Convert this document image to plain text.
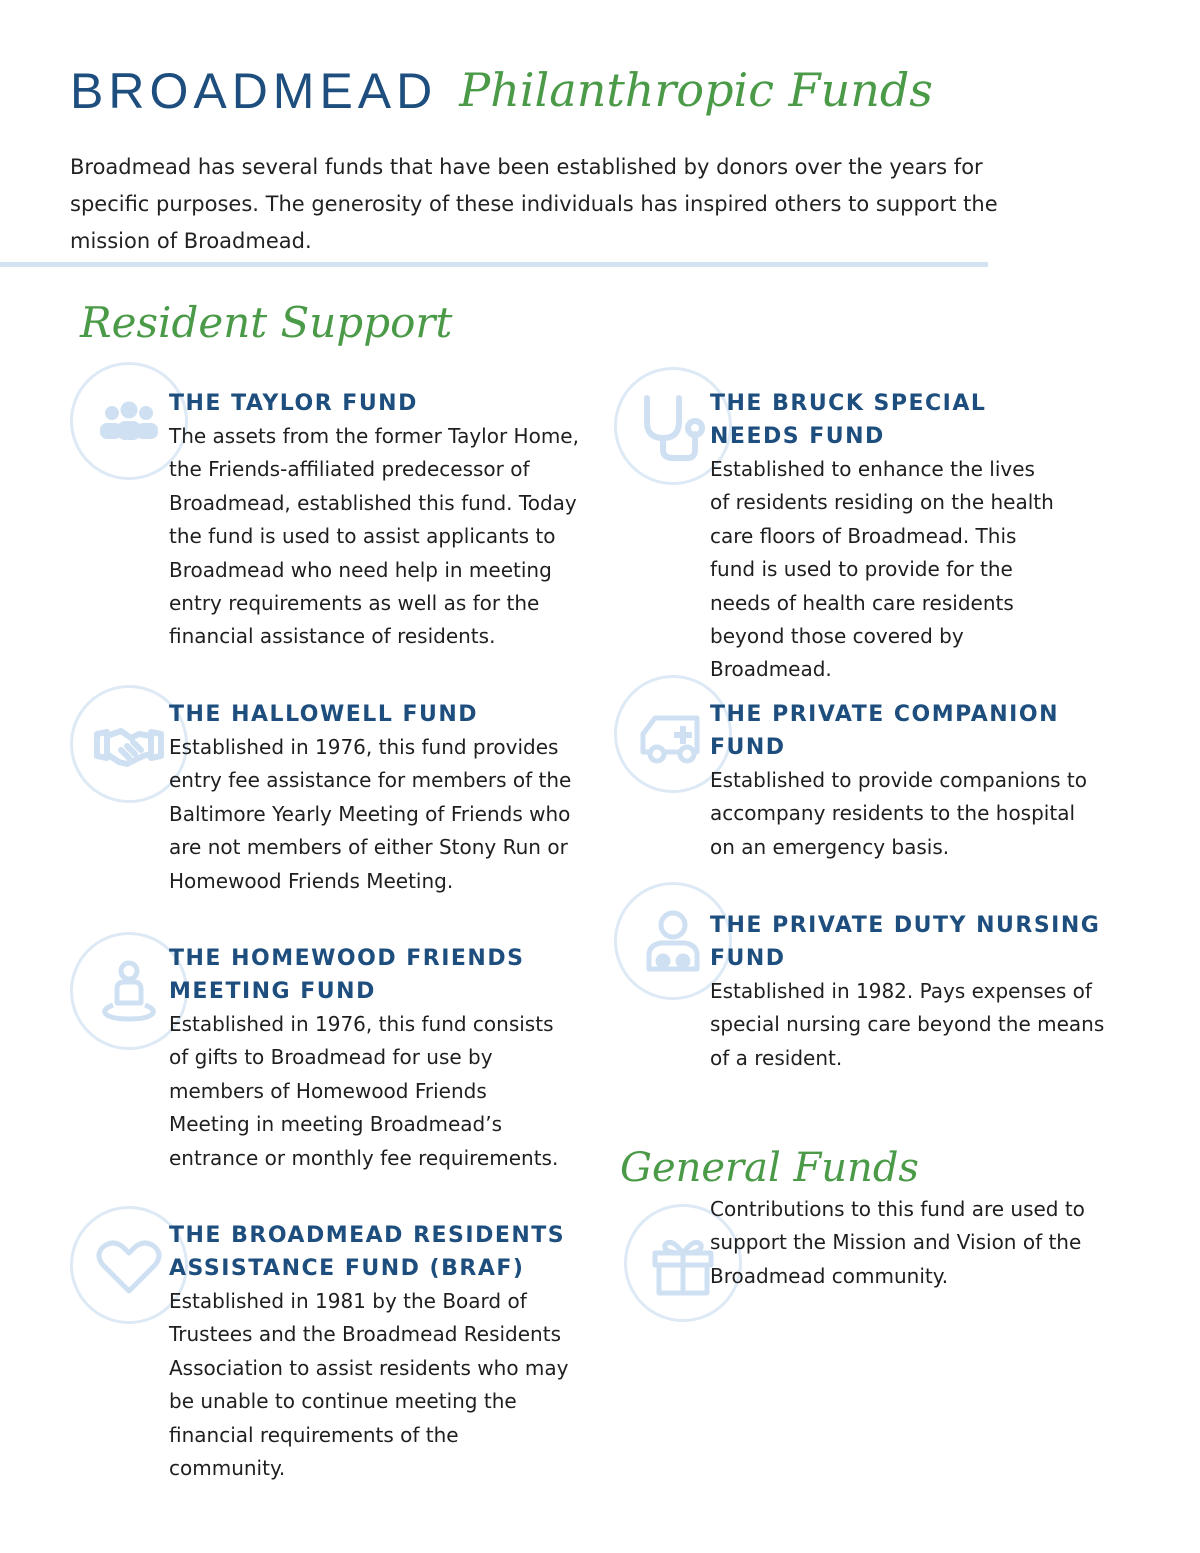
BROADMEAD Philanthropic Funds

Broadmead has several funds that have been established by donors over the years for specific purposes. The generosity of these individuals has inspired others to support the mission of Broadmead.

Resident Support
General Funds
THE TAYLOR FUND

The assets from the former Taylor Home, the Friends-affiliated predecessor of Broadmead, established this fund. Today the fund is used to assist applicants to Broadmead who need help in meeting entry requirements as well as for the financial assistance of residents.

THE HALLOWELL FUND

Established in 1976, this fund provides entry fee assistance for members of the Baltimore Yearly Meeting of Friends who are not members of either Stony Run or Homewood Friends Meeting.

THE HOMEWOOD FRIENDS MEETING FUND

Established in 1976, this fund consists of gifts to Broadmead for use by members of Homewood Friends Meeting in meeting Broadmead’s entrance or monthly fee requirements.

THE BROADMEAD RESIDENTS ASSISTANCE FUND (BRAF)

Established in 1981 by the Board of Trustees and the Broadmead Residents Association to assist residents who may be unable to continue meeting the financial requirements of the community.

THE BRUCK SPECIAL NEEDS FUND

Established to enhance the lives of residents residing on the health care floors of Broadmead. This fund is used to provide for the needs of health care residents beyond those covered by Broadmead.

THE PRIVATE COMPANION FUND

Established to provide companions to accompany residents to the hospital on an emergency basis.

THE PRIVATE DUTY NURSING FUND

Established in 1982. Pays expenses of special nursing care beyond the means of a resident.

Contributions to this fund are used to support the Mission and Vision of the Broadmead community.
